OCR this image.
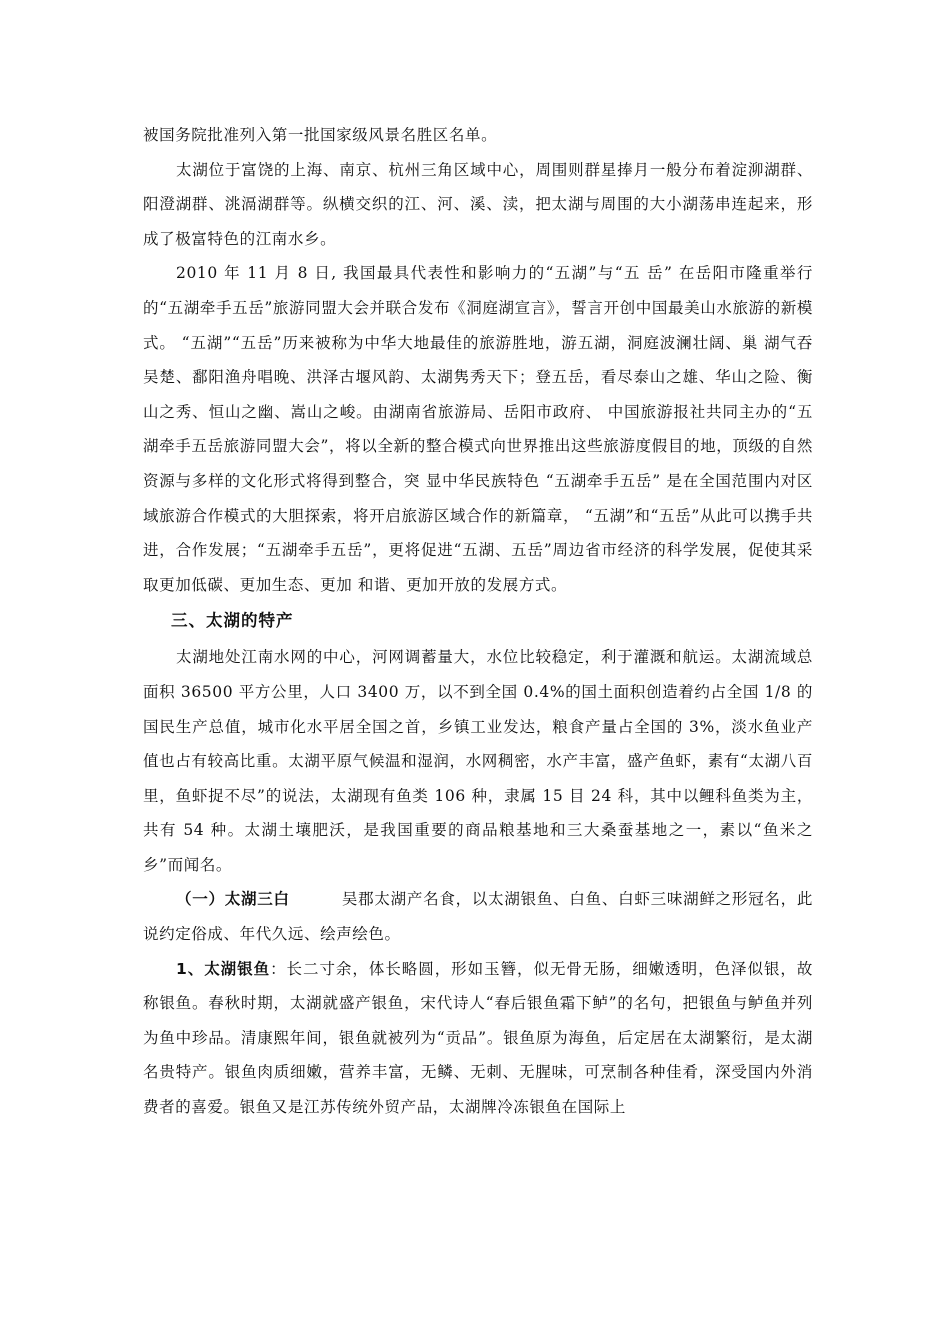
被国务院批准列入第一批国家级风景名胜区名单。

太湖位于富饶的上海、南京、杭州三角区域中心，周围则群星捧月一般分布着淀泖湖群、阳澄湖群、洮滆湖群等。纵横交织的江、河、溪、渎，把太湖与周围的大小湖荡串连起来，形成了极富特色的江南水乡。

2010 年 11 月 8 日, 我国最具代表性和影响力的“五湖”与“五 岳” 在岳阳市隆重举行的“五湖牵手五岳”旅游同盟大会并联合发布《洞庭湖宣言》，誓言开创中国最美山水旅游的新模式。 “五湖”“五岳”历来被称为中华大地最佳的旅游胜地，游五湖，洞庭波澜壮阔、巢 湖气吞吴楚、鄱阳渔舟唱晚、洪泽古堰风韵、太湖隽秀天下；登五岳，看尽泰山之雄、华山之险、衡山之秀、恒山之幽、嵩山之峻。由湖南省旅游局、岳阳市政府、 中国旅游报社共同主办的“五湖牵手五岳旅游同盟大会”，将以全新的整合模式向世界推出这些旅游度假目的地，顶级的自然资源与多样的文化形式将得到整合，突 显中华民族特色 “五湖牵手五岳” 是在全国范围内对区域旅游合作模式的大胆探索，将开启旅游区域合作的新篇章， “五湖”和“五岳”从此可以携手共进，合作发展；“五湖牵手五岳”，更将促进“五湖、五岳”周边省市经济的科学发展，促使其采取更加低碳、更加生态、更加 和谐、更加开放的发展方式。

三、太湖的特产

太湖地处江南水网的中心，河网调蓄量大，水位比较稳定，利于灌溉和航运。太湖流域总面积 36500 平方公里，人口 3400 万，以不到全国 0.4%的国土面积创造着约占全国 1/8 的国民生产总值，城市化水平居全国之首，乡镇工业发达，粮食产量占全国的 3%，淡水鱼业产值也占有较高比重。太湖平原气候温和湿润，水网稠密，水产丰富，盛产鱼虾，素有“太湖八百里，鱼虾捉不尽”的说法，太湖现有鱼类 106 种，隶属 15 目 24 科，其中以鲤科鱼类为主，共有 54 种。太湖土壤肥沃，是我国重要的商品粮基地和三大桑蚕基地之一，素以“鱼米之乡”而闻名。

（一）太湖三白	吴郡太湖产名食，以太湖银鱼、白鱼、白虾三味湖鲜之形冠名，此说约定俗成、年代久远、绘声绘色。

1、太湖银鱼：长二寸余，体长略圆，形如玉簪，似无骨无肠，细嫩透明，色泽似银，故称银鱼。春秋时期，太湖就盛产银鱼，宋代诗人“春后银鱼霜下鲈”的名句，把银鱼与鲈鱼并列为鱼中珍品。清康熙年间，银鱼就被列为“贡品”。银鱼原为海鱼，后定居在太湖繁衍，是太湖名贵特产。银鱼肉质细嫩，营养丰富，无鳞、无刺、无腥味，可烹制各种佳肴，深受国内外消费者的喜爱。银鱼又是江苏传统外贸产品，太湖牌冷冻银鱼在国际上
